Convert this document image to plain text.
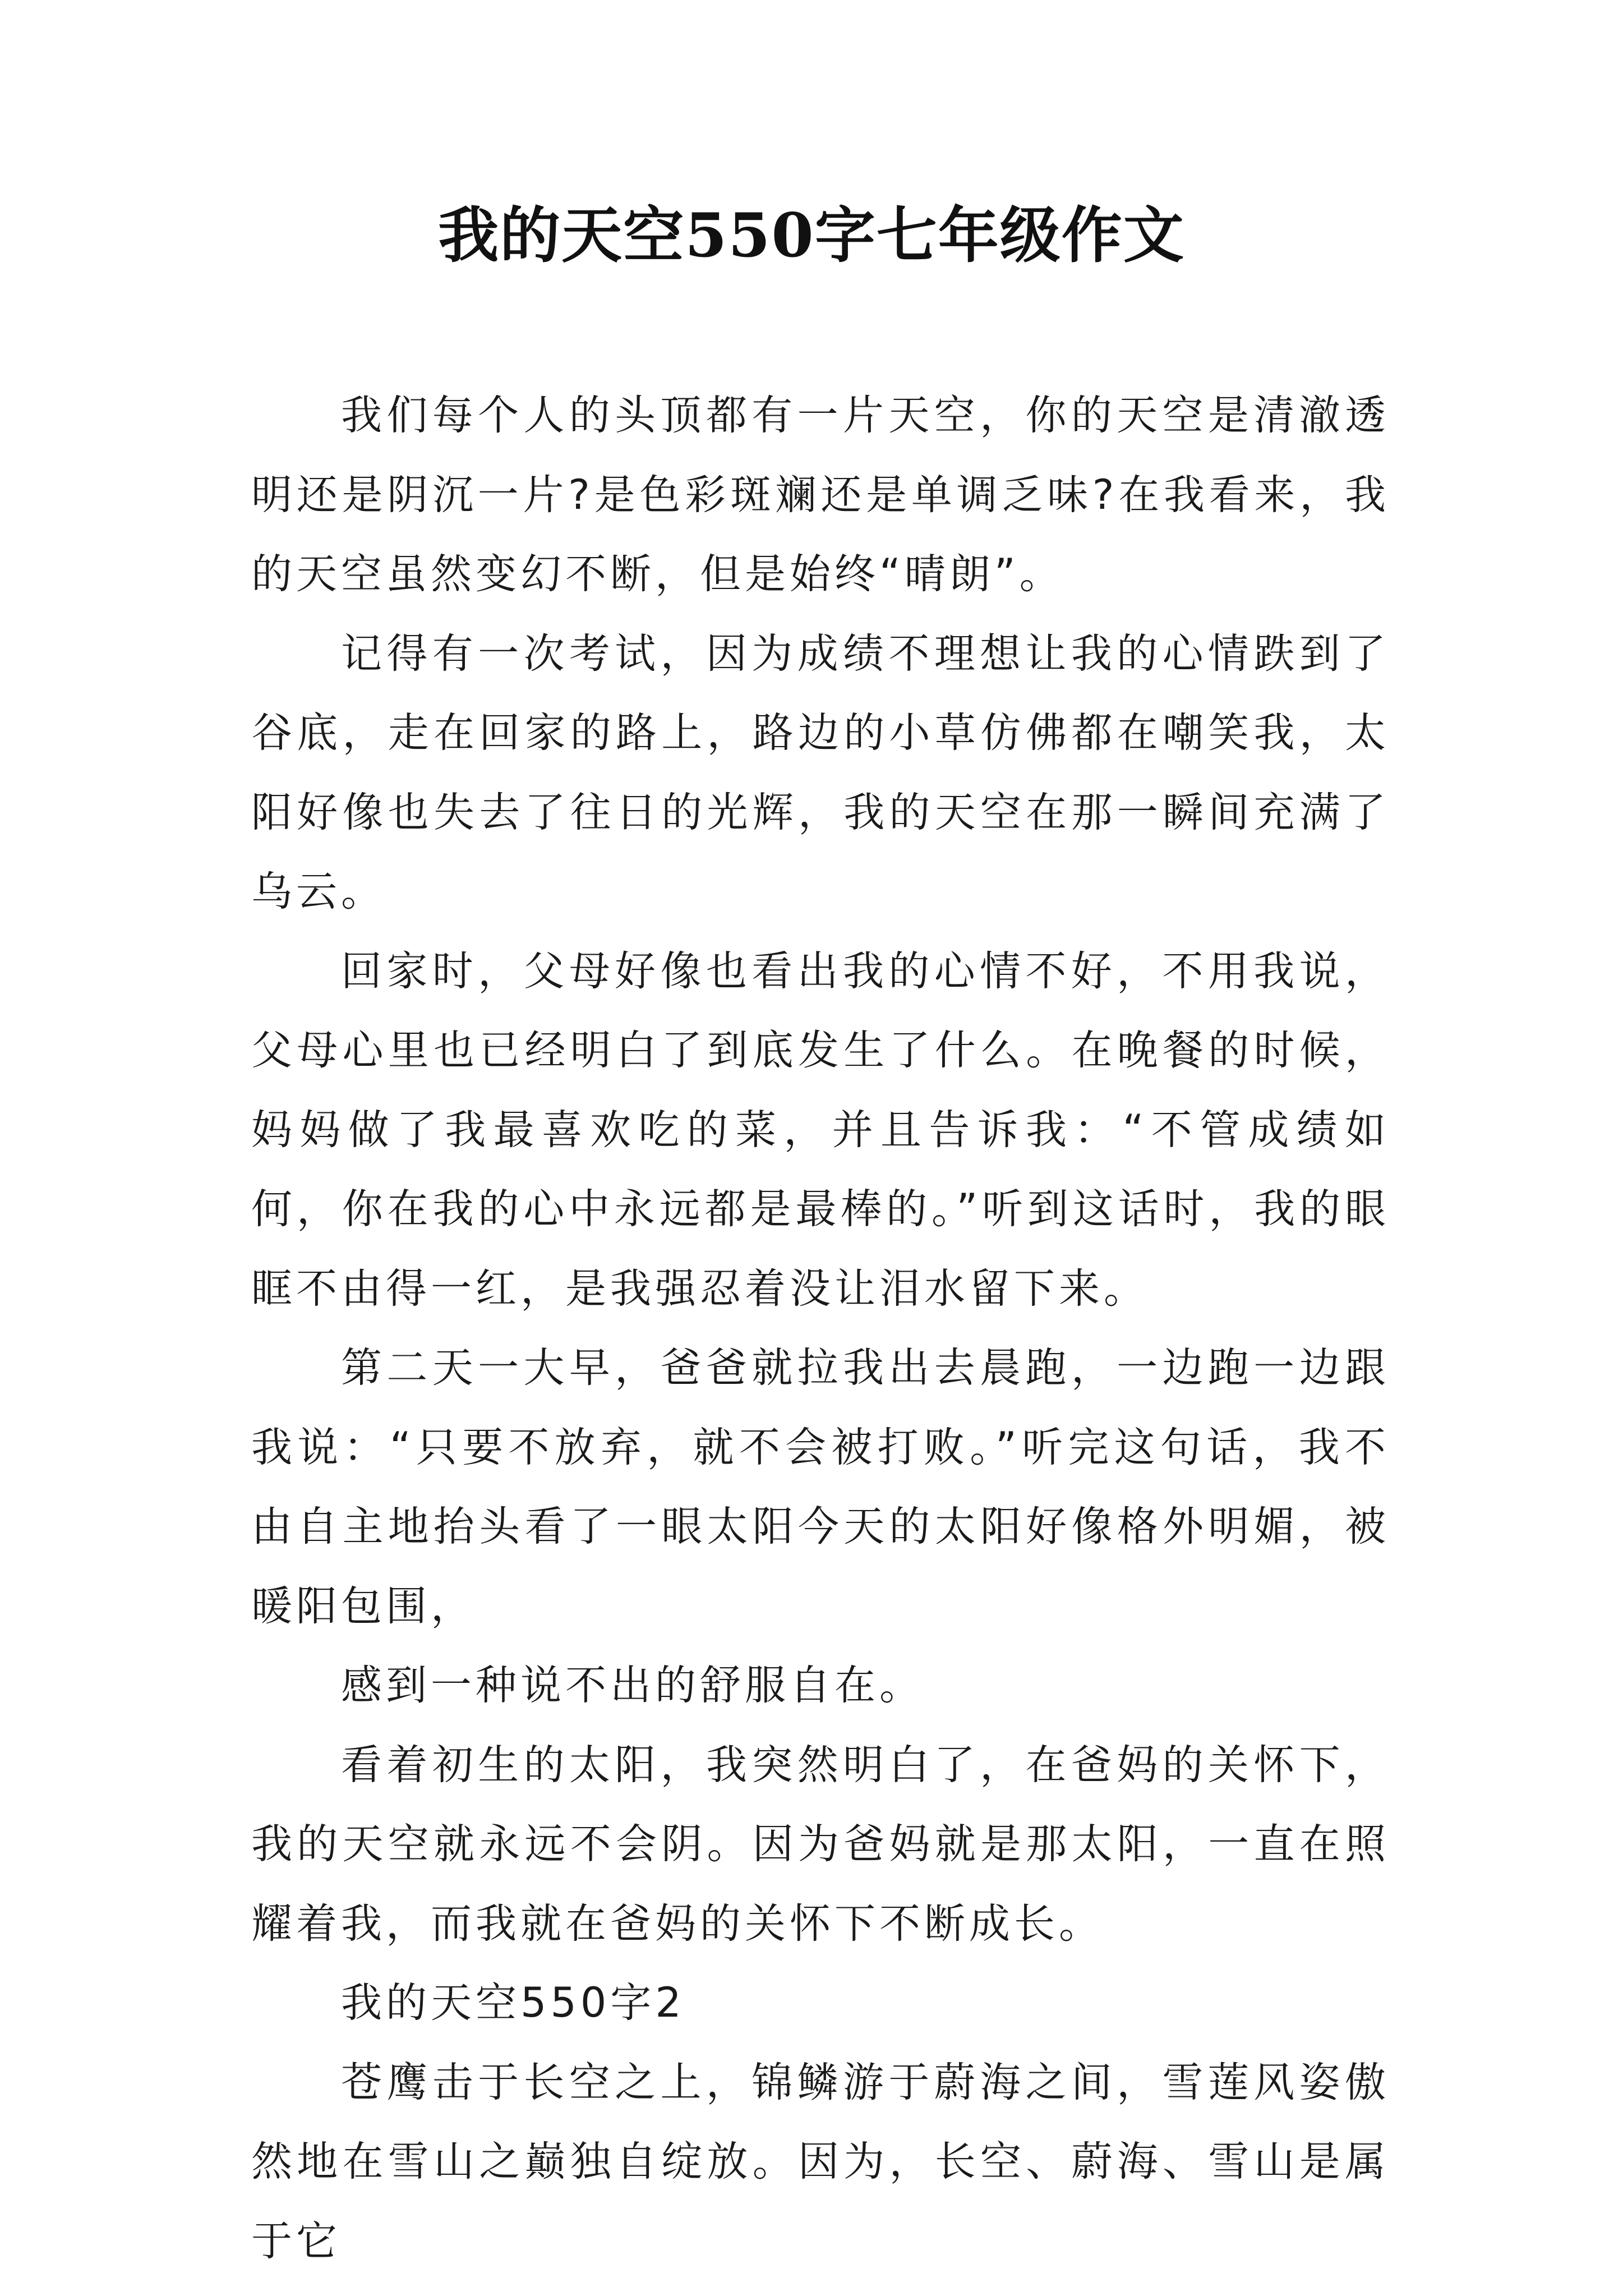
我的天空550字七年级作文

我们每个人的头顶都有一片天空，你的天空是清澈透明还是阴沉一片?是色彩斑斓还是单调乏味?在我看来，我的天空虽然变幻不断，但是始终“晴朗”。

记得有一次考试，因为成绩不理想让我的心情跌到了谷底，走在回家的路上，路边的小草仿佛都在嘲笑我，太阳好像也失去了往日的光辉，我的天空在那一瞬间充满了乌云。

回家时，父母好像也看出我的心情不好，不用我说，父母心里也已经明白了到底发生了什么。在晚餐的时候，妈妈做了我最喜欢吃的菜，并且告诉我：“不管成绩如何，你在我的心中永远都是最棒的。”听到这话时，我的眼眶不由得一红，是我强忍着没让泪水留下来。

第二天一大早，爸爸就拉我出去晨跑，一边跑一边跟我说：“只要不放弃，就不会被打败。”听完这句话，我不由自主地抬头看了一眼太阳今天的太阳好像格外明媚，被暖阳包围，

感到一种说不出的舒服自在。

看着初生的太阳，我突然明白了，在爸妈的关怀下，我的天空就永远不会阴。因为爸妈就是那太阳，一直在照耀着我，而我就在爸妈的关怀下不断成长。

我的天空550字2

苍鹰击于长空之上，锦鳞游于蔚海之间，雪莲风姿傲然地在雪山之巅独自绽放。因为，长空、蔚海、雪山是属于它
